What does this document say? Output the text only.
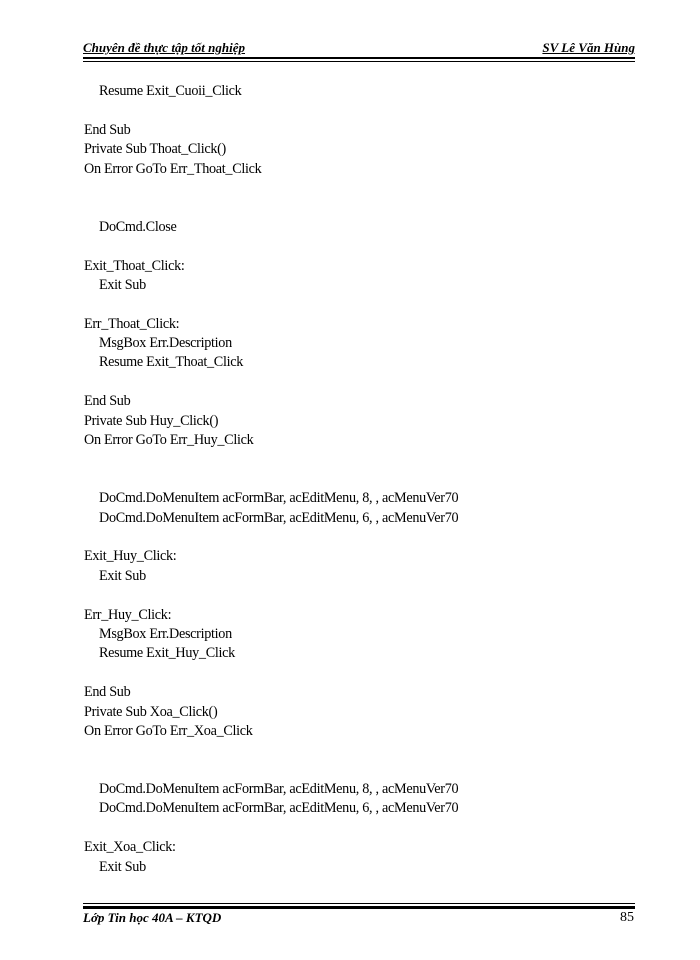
Chuyên đề thực tập tốt nghiệp	SV Lê Văn Hùng
Resume Exit_Cuoii_Click
End Sub
Private Sub Thoat_Click()
On Error GoTo Err_Thoat_Click
DoCmd.Close
Exit_Thoat_Click:
Exit Sub
Err_Thoat_Click:
MsgBox Err.Description
Resume Exit_Thoat_Click
End Sub
Private Sub Huy_Click()
On Error GoTo Err_Huy_Click
DoCmd.DoMenuItem acFormBar, acEditMenu, 8, , acMenuVer70
DoCmd.DoMenuItem acFormBar, acEditMenu, 6, , acMenuVer70
Exit_Huy_Click:
Exit Sub
Err_Huy_Click:
MsgBox Err.Description
Resume Exit_Huy_Click
End Sub
Private Sub Xoa_Click()
On Error GoTo Err_Xoa_Click
DoCmd.DoMenuItem acFormBar, acEditMenu, 8, , acMenuVer70
DoCmd.DoMenuItem acFormBar, acEditMenu, 6, , acMenuVer70
Exit_Xoa_Click:
Exit Sub
Lớp Tin học 40A – KTQD	85
